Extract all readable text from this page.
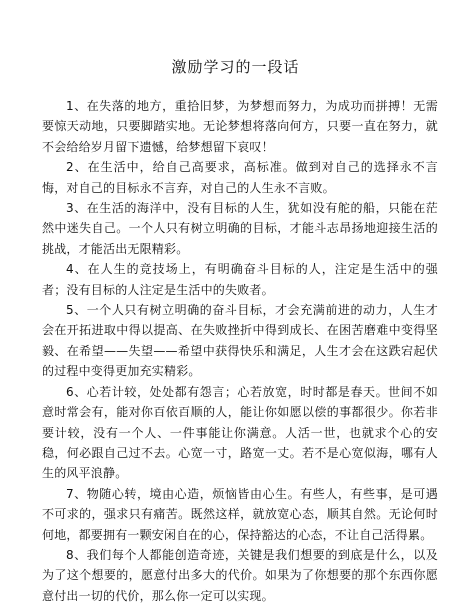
激励学习的一段话

1、在失落的地方，重拾旧梦，为梦想而努力，为成功而拼搏！无需要惊天动地，只要脚踏实地。无论梦想将落向何方，只要一直在努力，就不会给给岁月留下遗憾，给梦想留下哀叹！

2、在生活中，给自己高要求，高标准。做到对自己的选择永不言悔，对自己的目标永不言弃，对自己的人生永不言败。

3、在生活的海洋中，没有目标的人生，犹如没有舵的船，只能在茫然中迷失自己。一个人只有树立明确的目标，才能斗志昂扬地迎接生活的挑战，才能活出无限精彩。

4、在人生的竞技场上，有明确奋斗目标的人，注定是生活中的强者；没有目标的人注定是生活中的失败者。

5、一个人只有树立明确的奋斗目标，才会充满前进的动力，人生才会在开拓进取中得以提高、在失败挫折中得到成长、在困苦磨难中变得坚毅、在希望——失望——希望中获得快乐和满足，人生才会在这跌宕起伏的过程中变得更加充实精彩。

6、心若计较，处处都有怨言；心若放宽，时时都是春天。世间不如意时常会有，能对你百依百顺的人，能让你如愿以偿的事都很少。你若非要计较，没有一个人、一件事能让你满意。人活一世，也就求个心的安稳，何必跟自己过不去。心宽一寸，路宽一丈。若不是心宽似海，哪有人生的风平浪静。

7、物随心转，境由心造，烦恼皆由心生。有些人，有些事，是可遇不可求的，强求只有痛苦。既然这样，就放宽心态，顺其自然。无论何时何地，都要拥有一颗安闲自在的心，保持豁达的心态，不让自己活得累。

8、我们每个人都能创造奇迹，关键是我们想要的到底是什么，以及为了这个想要的，愿意付出多大的代价。如果为了你想要的那个东西你愿意付出一切的代价，那么你一定可以实现。
